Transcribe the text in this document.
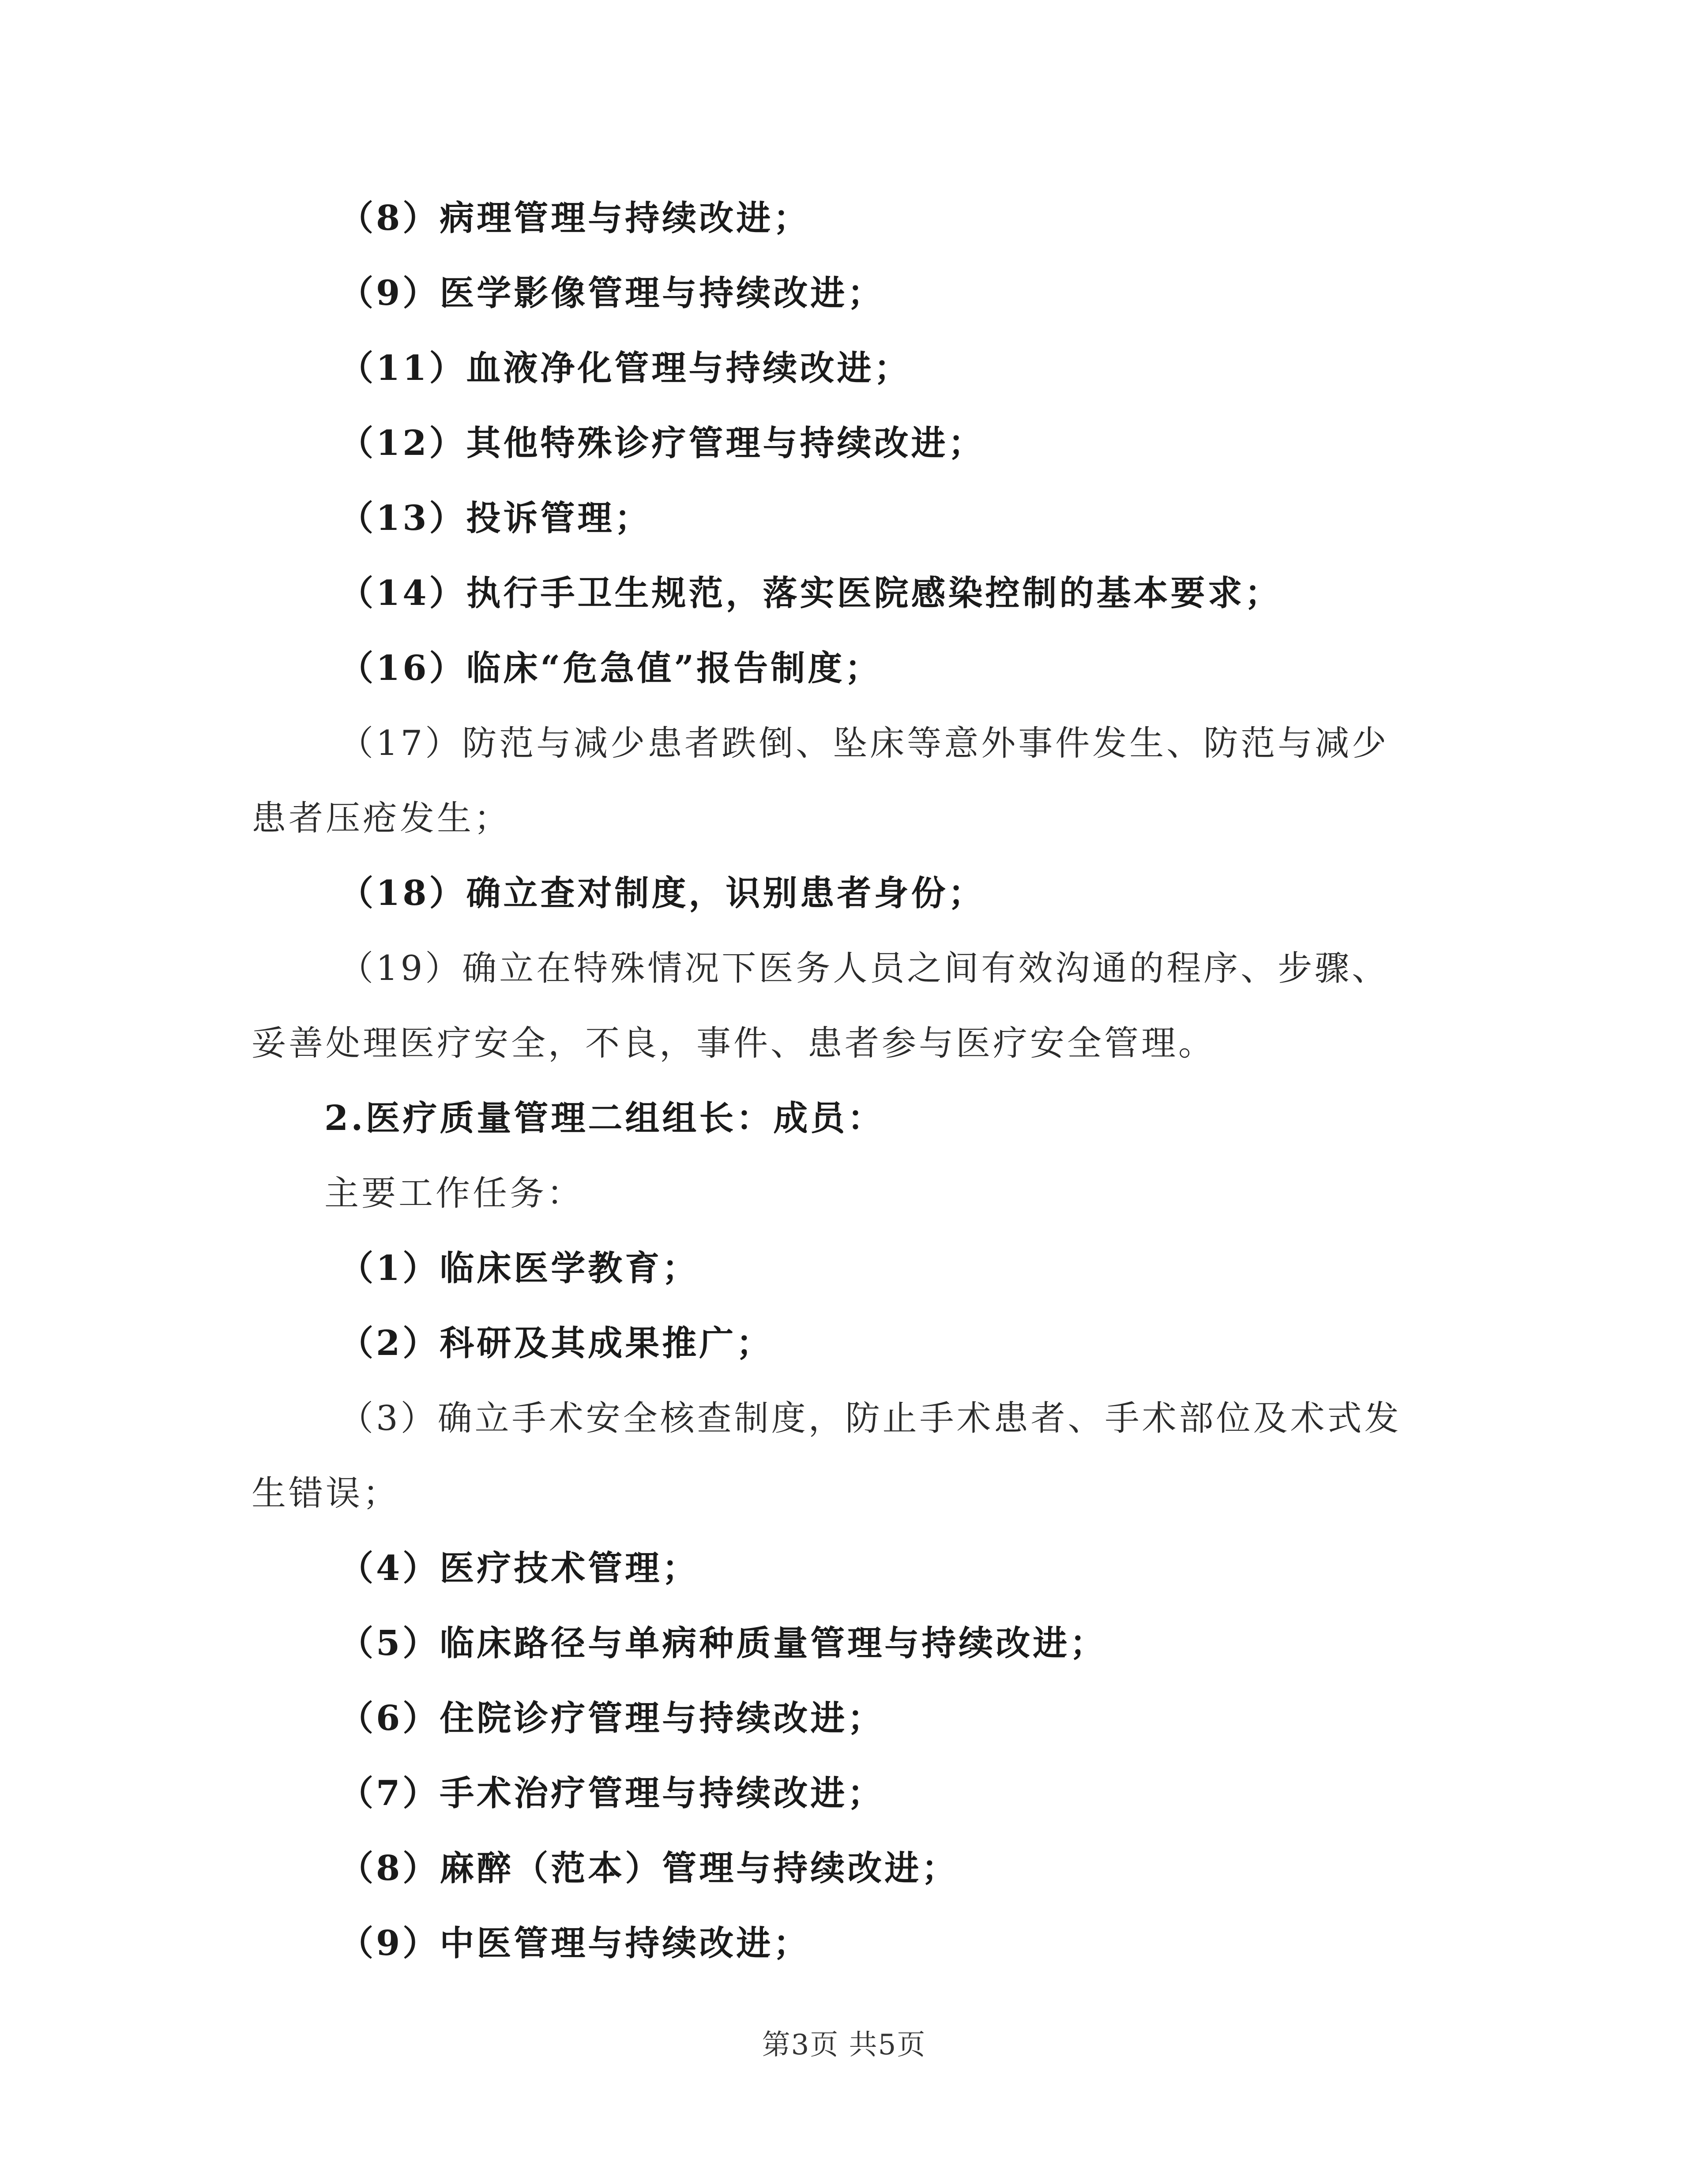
（8）病理管理与持续改进；

（9）医学影像管理与持续改进；

（11）血液净化管理与持续改进；

（12）其他特殊诊疗管理与持续改进；

（13）投诉管理；

（14）执行手卫生规范，落实医院感染控制的基本要求；

（16）临床“危急值”报告制度；

（17）防范与减少患者跌倒、坠床等意外事件发生、防范与减少

患者压疮发生；

（18）确立查对制度，识别患者身份；

（19）确立在特殊情况下医务人员之间有效沟通的程序、步骤、

妥善处理医疗安全，不良，事件、患者参与医疗安全管理。

2.医疗质量管理二组组长：成员：

主要工作任务：

（1）临床医学教育；

（2）科研及其成果推广；

（3）确立手术安全核查制度，防止手术患者、手术部位及术式发

生错误；

（4）医疗技术管理；

（5）临床路径与单病种质量管理与持续改进；

（6）住院诊疗管理与持续改进；

（7）手术治疗管理与持续改进；

（8）麻醉（范本）管理与持续改进；

（9）中医管理与持续改进；

第3页 共5页
